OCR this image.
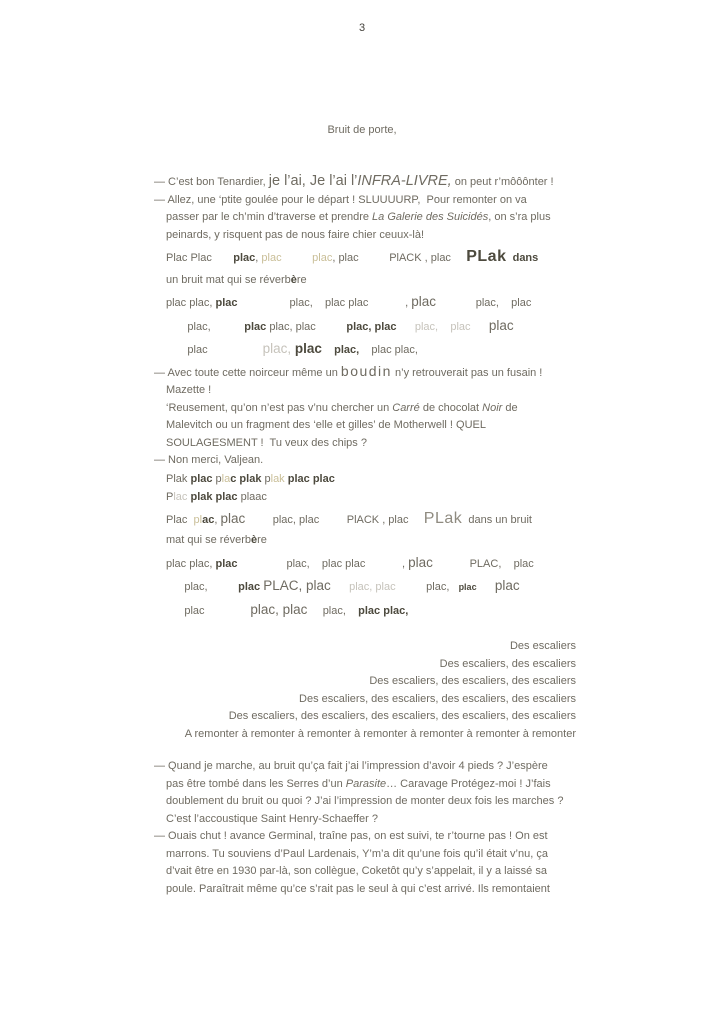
3
Bruit de porte,
— C’est bon Tenardier, je l’ai, Je l’ai l’INFRA-LIVRE, on peut r’môôônter !
— Allez, une ‘ptite goulée pour le départ ! SLUUUURP,  Pour remonter on va
passer par le ch’min d’traverse et prendre La Galerie des Suicidés, on s’ra plus
peinards, y risquent pas de nous faire chier ceuux-là!
Plac Plac       plac, plac	plac, plac          PlACK , plac     PLak dans
un bruit mat qui se réverbère
plac plac, plac	plac,    plac plac	, plac	plac,    plac
plac,           plac plac, plac          plac, plac plac, plac plac
plac                  plac, plac plac,    plac plac,
— Avec toute cette noirceur même un boudin n’y retrouverait pas un fusain !
Mazette !
‘Reusement, qu’on n’est pas v’nu chercher un Carré de chocolat Noir de
Malevitch ou un fragment des ‘elle et gilles’ de Motherwell ! QUEL
SOULAGESMENT !  Tu veux des chips ?
— Non merci, Valjean.
Plak plac plac plak plak plac plac
Plac plak plac plaac
Plac  plac, plac	plac, plac	PlACK , plac     PLak  dans un bruit
mat qui se réverbère
plac plac, plac	plac,    plac plac	, plac	PLAC,    plac
plac,          plac PLAC, plac plac, plac	plac,   plac plac
plac               plac, plac plac,    plac plac,
Des escaliers
Des escaliers, des escaliers
Des escaliers, des escaliers, des escaliers
Des escaliers, des escaliers, des escaliers, des escaliers
Des escaliers, des escaliers, des escaliers, des escaliers, des escaliers
A remonter à remonter à remonter à remonter à remonter à remonter à remonter
— Quand je marche, au bruit qu’ça fait j’ai l’impression d’avoir 4 pieds ? J’espère
pas être tombé dans les Serres d’un Parasite… Caravage Protégez-moi ! J’fais
doublement du bruit ou quoi ? J’ai l’impression de monter deux fois les marches ?
C’est l’accoustique Saint Henry-Schaeffer ?
— Ouais chut ! avance Germinal, traîne pas, on est suivi, te r’tourne pas ! On est
marrons. Tu souviens d’Paul Lardenais, Y’m’a dit qu’une fois qu’il était v’nu, ça
d’vait être en 1930 par-là, son collègue, Coketôt qu’y s’appelait, il y a laissé sa
poule. Paraîtrait même qu’ce s’rait pas le seul à qui c’est arrivé. Ils remontaient
